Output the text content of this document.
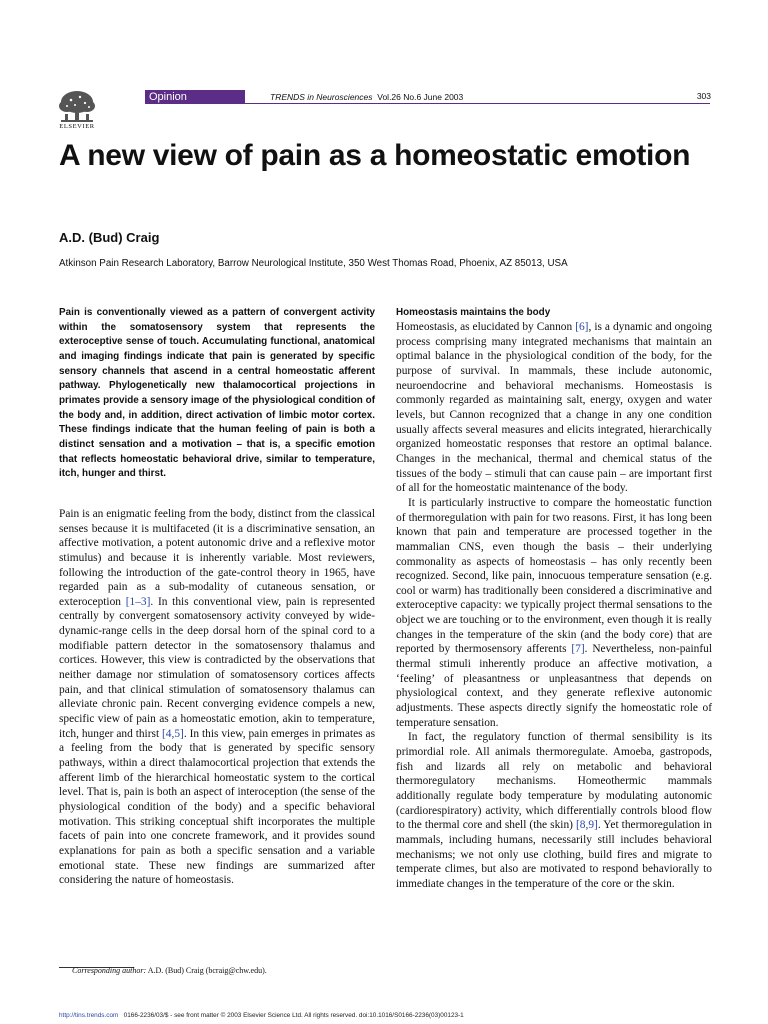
ELSEVIER
Opinion	TRENDS in Neurosciences Vol.26 No.6 June 2003	303
A new view of pain as a homeostatic emotion
A.D. (Bud) Craig
Atkinson Pain Research Laboratory, Barrow Neurological Institute, 350 West Thomas Road, Phoenix, AZ 85013, USA

Pain is conventionally viewed as a pattern of convergent activity within the somatosensory system that represents the exteroceptive sense of touch. Accumulating functional, anatomical and imaging findings indicate that pain is generated by specific sensory channels that ascend in a central homeostatic afferent pathway. Phylogenetically new thalamocortical projections in primates provide a sensory image of the physiological condition of the body and, in addition, direct activation of limbic motor cortex. These findings indicate that the human feeling of pain is both a distinct sensation and a motivation – that is, a specific emotion that reflects homeostatic behavioral drive, similar to temperature, itch, hunger and thirst.

Pain is an enigmatic feeling from the body, distinct from the classical senses because it is multifaceted (it is a discriminative sensation, an affective motivation, a potent autonomic drive and a reflexive motor stimulus) and because it is inherently variable. Most reviewers, following the introduction of the gate-control theory in 1965, have regarded pain as a sub-modality of cutaneous sensation, or exteroception [1–3]. In this conventional view, pain is represented centrally by convergent somatosensory activity conveyed by wide-dynamic-range cells in the deep dorsal horn of the spinal cord to a modifiable pattern detector in the somatosensory thalamus and cortices. However, this view is contradicted by the observations that neither damage nor stimulation of somatosensory cortices affects pain, and that clinical stimulation of somatosensory thalamus can alleviate chronic pain. Recent converging evidence compels a new, specific view of pain as a homeostatic emotion, akin to temperature, itch, hunger and thirst [4,5]. In this view, pain emerges in primates as a feeling from the body that is generated by specific sensory pathways, within a direct thalamocortical projection that extends the afferent limb of the hierarchical homeostatic system to the cortical level. That is, pain is both an aspect of interoception (the sense of the physiological condition of the body) and a specific behavioral motivation. This striking conceptual shift incorporates the multiple facets of pain into one concrete framework, and it provides sound explanations for pain as both a specific sensation and a variable emotional state. These new findings are summarized after considering the nature of homeostasis.

Homeostasis maintains the body

Homeostasis, as elucidated by Cannon [6], is a dynamic and ongoing process comprising many integrated mechanisms that maintain an optimal balance in the physiological condition of the body, for the purpose of survival. In mammals, these include autonomic, neuroendocrine and behavioral mechanisms. Homeostasis is commonly regarded as maintaining salt, energy, oxygen and water levels, but Cannon recognized that a change in any one condition usually affects several measures and elicits integrated, hierarchically organized homeostatic responses that restore an optimal balance. Changes in the mechanical, thermal and chemical status of the tissues of the body – stimuli that can cause pain – are important first of all for the homeostatic maintenance of the body.

It is particularly instructive to compare the homeostatic function of thermoregulation with pain for two reasons. First, it has long been known that pain and temperature are processed together in the mammalian CNS, even though the basis – their underlying commonality as aspects of homeostasis – has only recently been recognized. Second, like pain, innocuous temperature sensation (e.g. cool or warm) has traditionally been considered a discriminative and exteroceptive capacity: we typically project thermal sensations to the object we are touching or to the environment, even though it is really changes in the temperature of the skin (and the body core) that are reported by thermosensory afferents [7]. Nevertheless, non-painful thermal stimuli inherently produce an affective motivation, a ‘feeling’ of pleasantness or unpleasantness that depends on physiological context, and they generate reflexive autonomic adjustments. These aspects directly signify the homeostatic role of temperature sensation.

In fact, the regulatory function of thermal sensibility is its primordial role. All animals thermoregulate. Amoeba, gastropods, fish and lizards all rely on metabolic and behavioral thermoregulatory mechanisms. Homeothermic mammals additionally regulate body temperature by modulating autonomic (cardiorespiratory) activity, which differentially controls blood flow to the thermal core and shell (the skin) [8,9]. Yet thermoregulation in mammals, including humans, necessarily still includes behavioral mechanisms; we not only use clothing, build fires and migrate to temperate climes, but also are motivated to respond behaviorally to immediate changes in the temperature of the core or the skin.

Corresponding author: A.D. (Bud) Craig (bcraig@chw.edu).
http://tins.trends.com 0166-2236/03/$ - see front matter © 2003 Elsevier Science Ltd. All rights reserved. doi:10.1016/S0166-2236(03)00123-1
